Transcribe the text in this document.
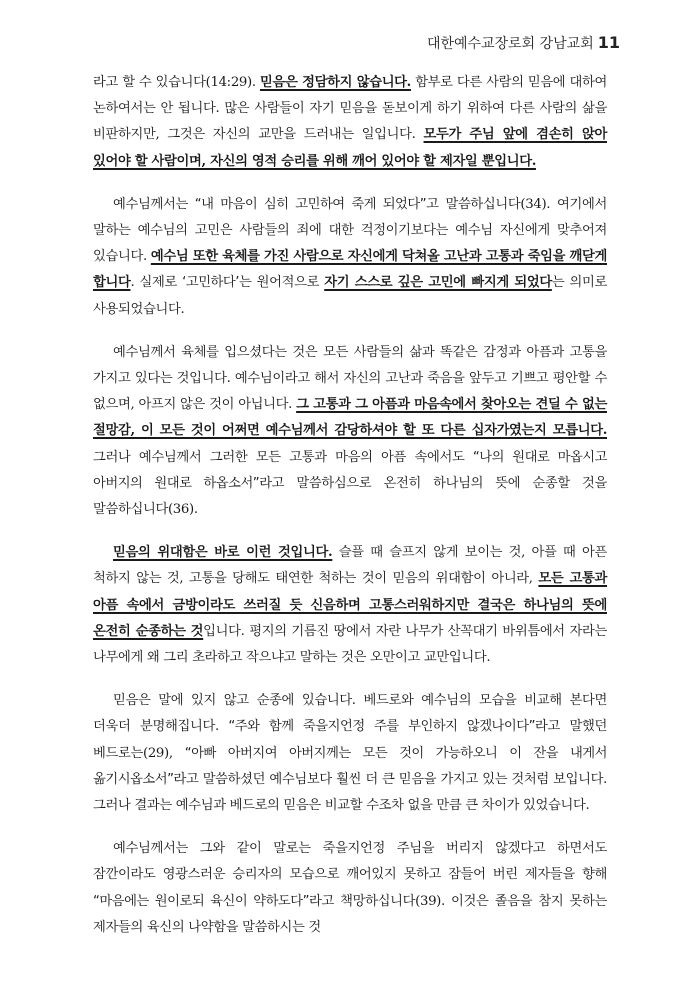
대한예수교장로회 강남교회 11

라고 할 수 있습니다(14:29). 믿음은 정담하지 않습니다. 함부로 다른 사람의 믿음에 대하여 논하여서는 안 됩니다. 많은 사람들이 자기 믿음을 돋보이게 하기 위하여 다른 사람의 삶을 비판하지만, 그것은 자신의 교만을 드러내는 일입니다. 모두가 주님 앞에 겸손히 앉아 있어야 할 사람이며, 자신의 영적 승리를 위해 깨어 있어야 할 제자일 뿐입니다.

예수님께서는 “내 마음이 심히 고민하여 죽게 되었다”고 말씀하십니다(34). 여기에서 말하는 예수님의 고민은 사람들의 죄에 대한 걱정이기보다는 예수님 자신에게 맞추어져 있습니다. 예수님 또한 육체를 가진 사람으로 자신에게 닥쳐올 고난과 고통과 죽임을 깨닫게 합니다. 실제로 ‘고민하다’는 원어적으로 자기 스스로 깊은 고민에 빠지게 되었다는 의미로 사용되었습니다.

예수님께서 육체를 입으셨다는 것은 모든 사람들의 삶과 똑같은 감정과 아픔과 고통을 가지고 있다는 것입니다. 예수님이라고 해서 자신의 고난과 죽음을 앞두고 기쁘고 평안할 수 없으며, 아프지 않은 것이 아닙니다. 그 고통과 그 아픔과 마음속에서 찾아오는 견딜 수 없는 절망감, 이 모든 것이 어쩌면 예수님께서 감당하셔야 할 또 다른 십자가였는지 모릅니다. 그러나 예수님께서 그러한 모든 고통과 마음의 아픔 속에서도 “나의 원대로 마옵시고 아버지의 원대로 하옵소서”라고 말씀하심으로 온전히 하나님의 뜻에 순종할 것을 말씀하십니다(36).

믿음의 위대함은 바로 이런 것입니다. 슬플 때 슬프지 않게 보이는 것, 아플 때 아픈 척하지 않는 것, 고통을 당해도 태연한 척하는 것이 믿음의 위대함이 아니라, 모든 고통과 아픔 속에서 금방이라도 쓰러질 듯 신음하며 고통스러워하지만 결국은 하나님의 뜻에 온전히 순종하는 것입니다. 평지의 기름진 땅에서 자란 나무가 산꼭대기 바위틈에서 자라는 나무에게 왜 그리 초라하고 작으냐고 말하는 것은 오만이고 교만입니다.

믿음은 말에 있지 않고 순종에 있습니다. 베드로와 예수님의 모습을 비교해 본다면 더욱더 분명해집니다. “주와 함께 죽을지언정 주를 부인하지 않겠나이다”라고 말했던 베드로는(29), “아빠 아버지여 아버지께는 모든 것이 가능하오니 이 잔을 내게서 옮기시옵소서”라고 말씀하셨던 예수님보다 훨씬 더 큰 믿음을 가지고 있는 것처럼 보입니다. 그러나 결과는 예수님과 베드로의 믿음은 비교할 수조차 없을 만큼 큰 차이가 있었습니다.

예수님께서는 그와 같이 말로는 죽을지언정 주님을 버리지 않겠다고 하면서도 잠깐이라도 영광스러운 승리자의 모습으로 깨어있지 못하고 잠들어 버린 제자들을 향해 “마음에는 원이로되 육신이 약하도다”라고 책망하십니다(39). 이것은 졸음을 참지 못하는 제자들의 육신의 나약함을 말씀하시는 것
